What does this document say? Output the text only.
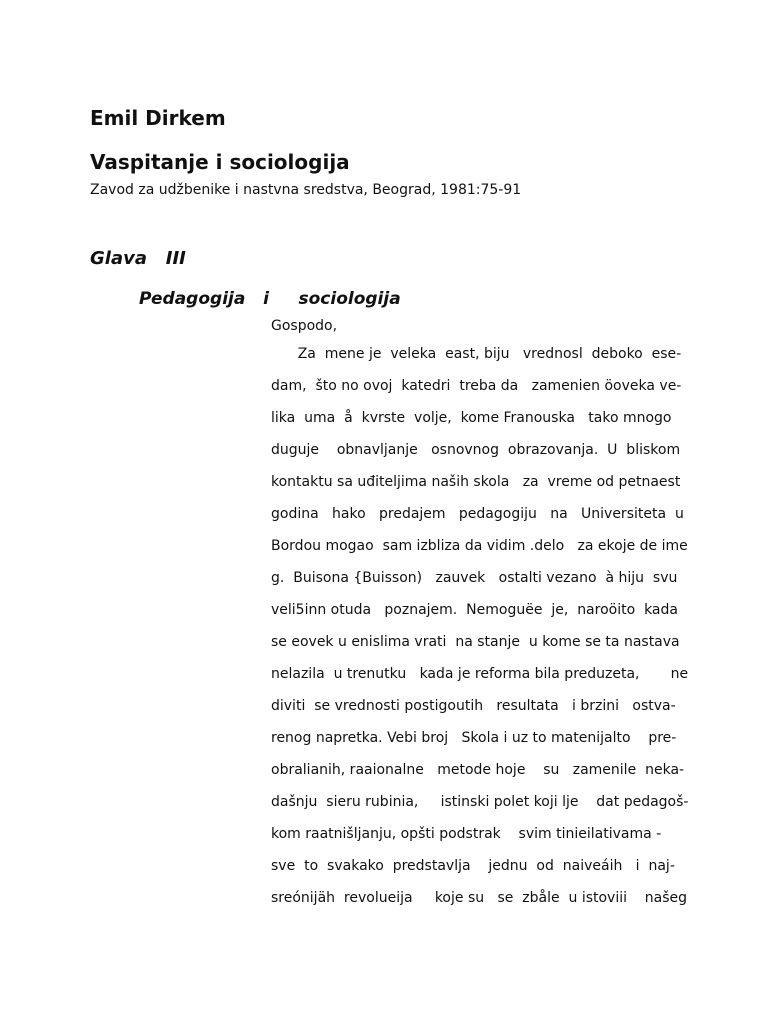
Emil Dirkem
Vaspitanje i sociologija

Zavod za udžbenike i nastvna sredstva, Beograd, 1981:75-91

Glava   III
Pedagogija   i     sociologija
Gospodo,
Za  mene je  veleka  east, biju   vrednosl  deboko  ese-
dam,  što no ovoj  katedri  treba da   zamenien öoveka ve-
lika  uma  å  kvrste  volje,  kome Franouska   tako mnogo
duguje    obnavljanje   osnovnog  obrazovanja.  U  bliskom
kontaktu sa uđiteljima naših skola   za  vreme od petnaest
godina   hako   predajem   pedagogiju   na   Universiteta  u
Bordou mogao  sam izbliza da vidim .delo   za ekoje de ime
g.  Buisona {Buisson)   zauvek   ostalti vezano  à hiju  svu
veli5inn otuda   poznajem.  Nemoguëe  je,  naroöito  kada
se eovek u enislima vrati  na stanje  u kome se ta nastava
nelazila  u trenutku   kada je reforma bila preduzeta,       ne
diviti  se vrednosti postigoutih   resultata   i brzini   ostva-
renog napretka. Vebi broj   Skola i uz to matenijalto    pre-
obralianih, raaionalne   metode hoje    su   zamenile  neka-
dašnju  sieru rubinia,     istinski polet koji lje    dat pedagoš-
kom raatnišljanju, opšti podstrak    svim tinieilativama -
sve  to  svakako  predstavlja    jednu  od  naiveáih   i  naj-
sreónijäh  revolueija     koje su   se  zbåle  u istoviii    našeg
